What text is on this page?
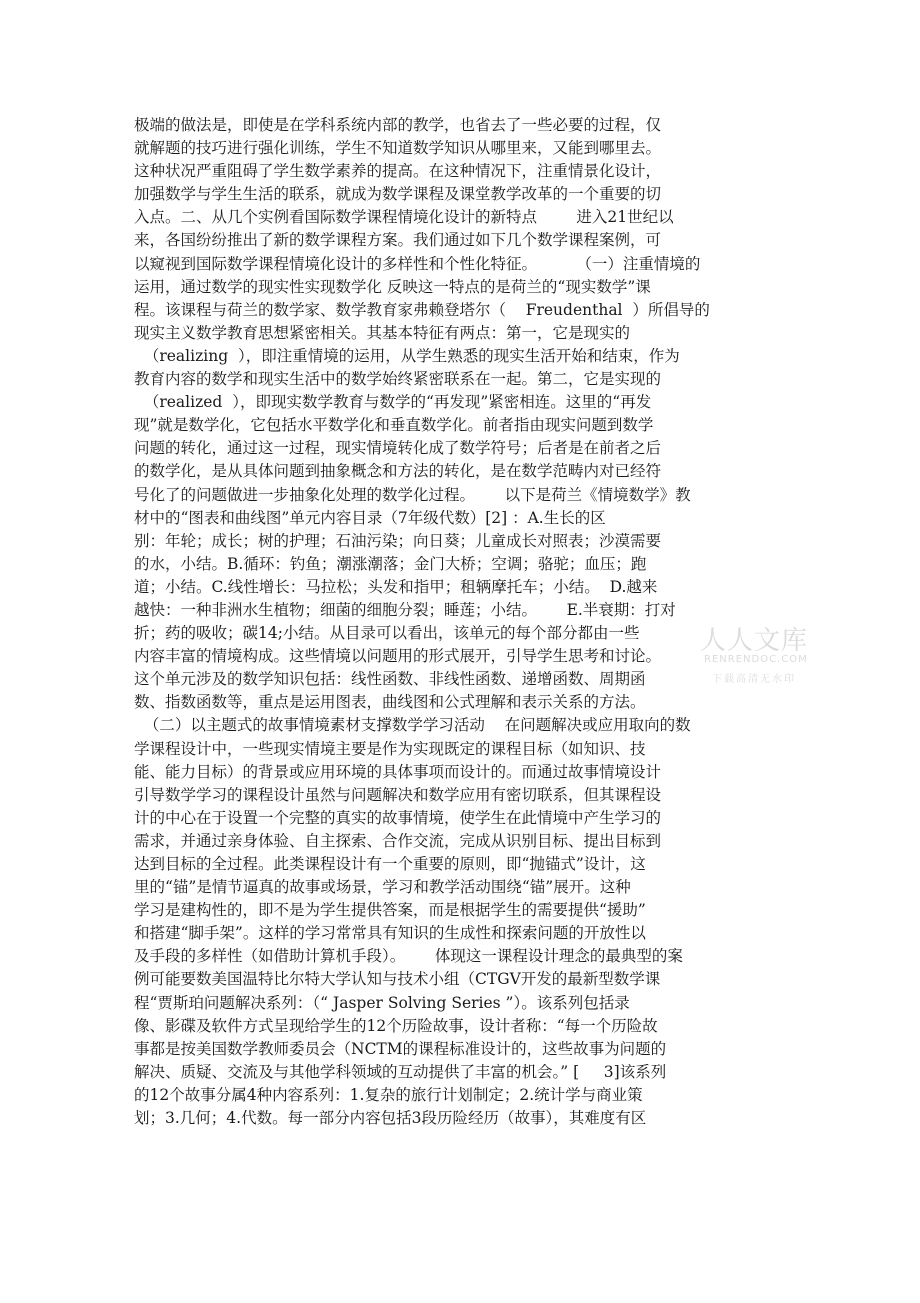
极端的做法是，即使是在学科系统内部的教学，也省去了一些必要的过程，仅
就解题的技巧进行强化训练，学生不知道数学知识从哪里来，又能到哪里去。
这种状况严重阻碍了学生数学素养的提高。在这种情况下，注重情景化设计，
加强数学与学生生活的联系，就成为数学课程及课堂教学改革的一个重要的切
入点。二、从几个实例看国际数学课程情境化设计的新特点        进入21世纪以
来，各国纷纷推出了新的数学课程方案。我们通过如下几个数学课程案例，可
以窥视到国际数学课程情境化设计的多样性和个性化特征。        （一）注重情境的
运用，通过数学的现实性实现数学化 反映这一特点的是荷兰的“现实数学”课
程。该课程与荷兰的数学家、数学教育家弗赖登塔尔（    Freudenthal  ）所倡导的
现实主义数学教育思想紧密相关。其基本特征有两点：第一，它是现实的
（realizing  ），即注重情境的运用，从学生熟悉的现实生活开始和结束，作为
教育内容的数学和现实生活中的数学始终紧密联系在一起。第二，它是实现的
（realized  ），即现实数学教育与数学的“再发现”紧密相连。这里的“再发
现”就是数学化，它包括水平数学化和垂直数学化。前者指由现实问题到数学
问题的转化，通过这一过程，现实情境转化成了数学符号；后者是在前者之后
的数学化，是从具体问题到抽象概念和方法的转化，是在数学范畴内对已经符
号化了的问题做进一步抽象化处理的数学化过程。      以下是荷兰《情境数学》教
材中的“图表和曲线图”单元内容目录（7年级代数）[2] ：A.生长的区
别：年轮；成长；树的护理；石油污染；向日葵；儿童成长对照表；沙漠需要
的水，小结。B.循环：钓鱼；潮涨潮落；金门大桥；空调；骆驼；血压；跑
道；小结。C.线性增长：马拉松；头发和指甲；租辆摩托车；小结。  D.越来
越快：一种非洲水生植物；细菌的细胞分裂；睡莲；小结。      E.半衰期：打对
折；药的吸收；碳14;小结。从目录可以看出，该单元的每个部分都由一些
内容丰富的情境构成。这些情境以问题用的形式展开，引导学生思考和讨论。
这个单元涉及的数学知识包括：线性函数、非线性函数、递增函数、周期函
数、指数函数等，重点是运用图表，曲线图和公式理解和表示关系的方法。
（二）以主题式的故事情境素材支撑数学学习活动    在问题解决或应用取向的数
学课程设计中，一些现实情境主要是作为实现既定的课程目标（如知识、技
能、能力目标）的背景或应用环境的具体事项而设计的。而通过故事情境设计
引导数学学习的课程设计虽然与问题解决和数学应用有密切联系，但其课程设
计的中心在于设置一个完整的真实的故事情境，使学生在此情境中产生学习的
需求，并通过亲身体验、自主探索、合作交流，完成从识别目标、提出目标到
达到目标的全过程。此类课程设计有一个重要的原则，即“抛锚式”设计，这
里的“锚”是情节逼真的故事或场景，学习和教学活动围绕“锚”展开。这种
学习是建构性的，即不是为学生提供答案，而是根据学生的需要提供“援助”
和搭建“脚手架”。这样的学习常常具有知识的生成性和探索问题的开放性以
及手段的多样性（如借助计算机手段）。      体现这一课程设计理念的最典型的案
例可能要数美国温特比尔特大学认知与技术小组（CTGV开发的最新型数学课
程“贾斯珀问题解决系列：（“ Jasper Solving Series ”）。该系列包括录
像、影碟及软件方式呈现给学生的12个历险故事，设计者称：“每一个历险故
事都是按美国数学教师委员会（NCTM的课程标准设计的，这些故事为问题的
解决、质疑、交流及与其他学科领域的互动提供了丰富的机会。” [     3]该系列
的12个故事分属4种内容系列：1.复杂的旅行计划制定；2.统计学与商业策
划；3.几何；4.代数。每一部分内容包括3段历险经历（故事），其难度有区
人人文库
RENRENDOC.COM
下载高清无水印
